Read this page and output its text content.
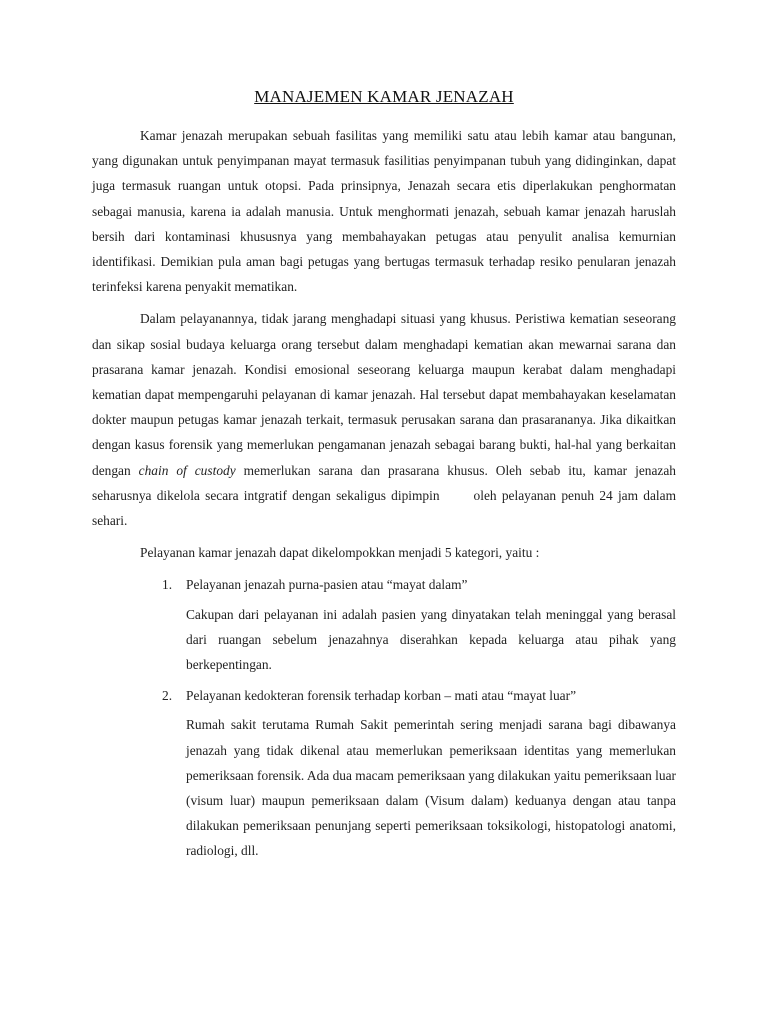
MANAJEMEN KAMAR JENAZAH

Kamar jenazah merupakan sebuah fasilitas yang memiliki satu atau lebih kamar atau bangunan, yang digunakan untuk penyimpanan mayat termasuk fasilitias penyimpanan tubuh yang didinginkan, dapat juga termasuk ruangan untuk otopsi. Pada prinsipnya, Jenazah secara etis diperlakukan penghormatan sebagai manusia, karena ia adalah manusia. Untuk menghormati jenazah, sebuah kamar jenazah haruslah bersih dari kontaminasi khususnya yang membahayakan petugas atau penyulit analisa kemurnian identifikasi. Demikian pula aman bagi petugas yang bertugas termasuk terhadap resiko penularan jenazah terinfeksi karena penyakit mematikan.

Dalam pelayanannya, tidak jarang menghadapi situasi yang khusus. Peristiwa kematian seseorang dan sikap sosial budaya keluarga orang tersebut dalam menghadapi kematian akan mewarnai sarana dan prasarana kamar jenazah. Kondisi emosional seseorang keluarga maupun kerabat dalam menghadapi kematian dapat mempengaruhi pelayanan di kamar jenazah. Hal tersebut dapat membahayakan keselamatan dokter maupun petugas kamar jenazah terkait, termasuk perusakan sarana dan prasarananya. Jika dikaitkan dengan kasus forensik yang memerlukan pengamanan jenazah sebagai barang bukti, hal-hal yang berkaitan dengan chain of custody memerlukan sarana dan prasarana khusus. Oleh sebab itu, kamar jenazah seharusnya dikelola secara intgratif dengan sekaligus dipimpin	oleh pelayanan penuh 24 jam dalam sehari.

Pelayanan kamar jenazah dapat dikelompokkan menjadi 5 kategori, yaitu :

1. Pelayanan jenazah purna-pasien atau “mayat dalam”
Cakupan dari pelayanan ini adalah pasien yang dinyatakan telah meninggal yang berasal dari ruangan sebelum jenazahnya diserahkan kepada keluarga atau pihak yang berkepentingan.
2. Pelayanan kedokteran forensik terhadap korban – mati atau “mayat luar”
Rumah sakit terutama Rumah Sakit pemerintah sering menjadi sarana bagi dibawanya jenazah yang tidak dikenal atau memerlukan pemeriksaan identitas yang memerlukan pemeriksaan forensik. Ada dua macam pemeriksaan yang dilakukan yaitu pemeriksaan luar (visum luar) maupun pemeriksaan dalam (Visum dalam) keduanya dengan atau tanpa dilakukan pemeriksaan penunjang seperti pemeriksaan toksikologi, histopatologi anatomi, radiologi, dll.
